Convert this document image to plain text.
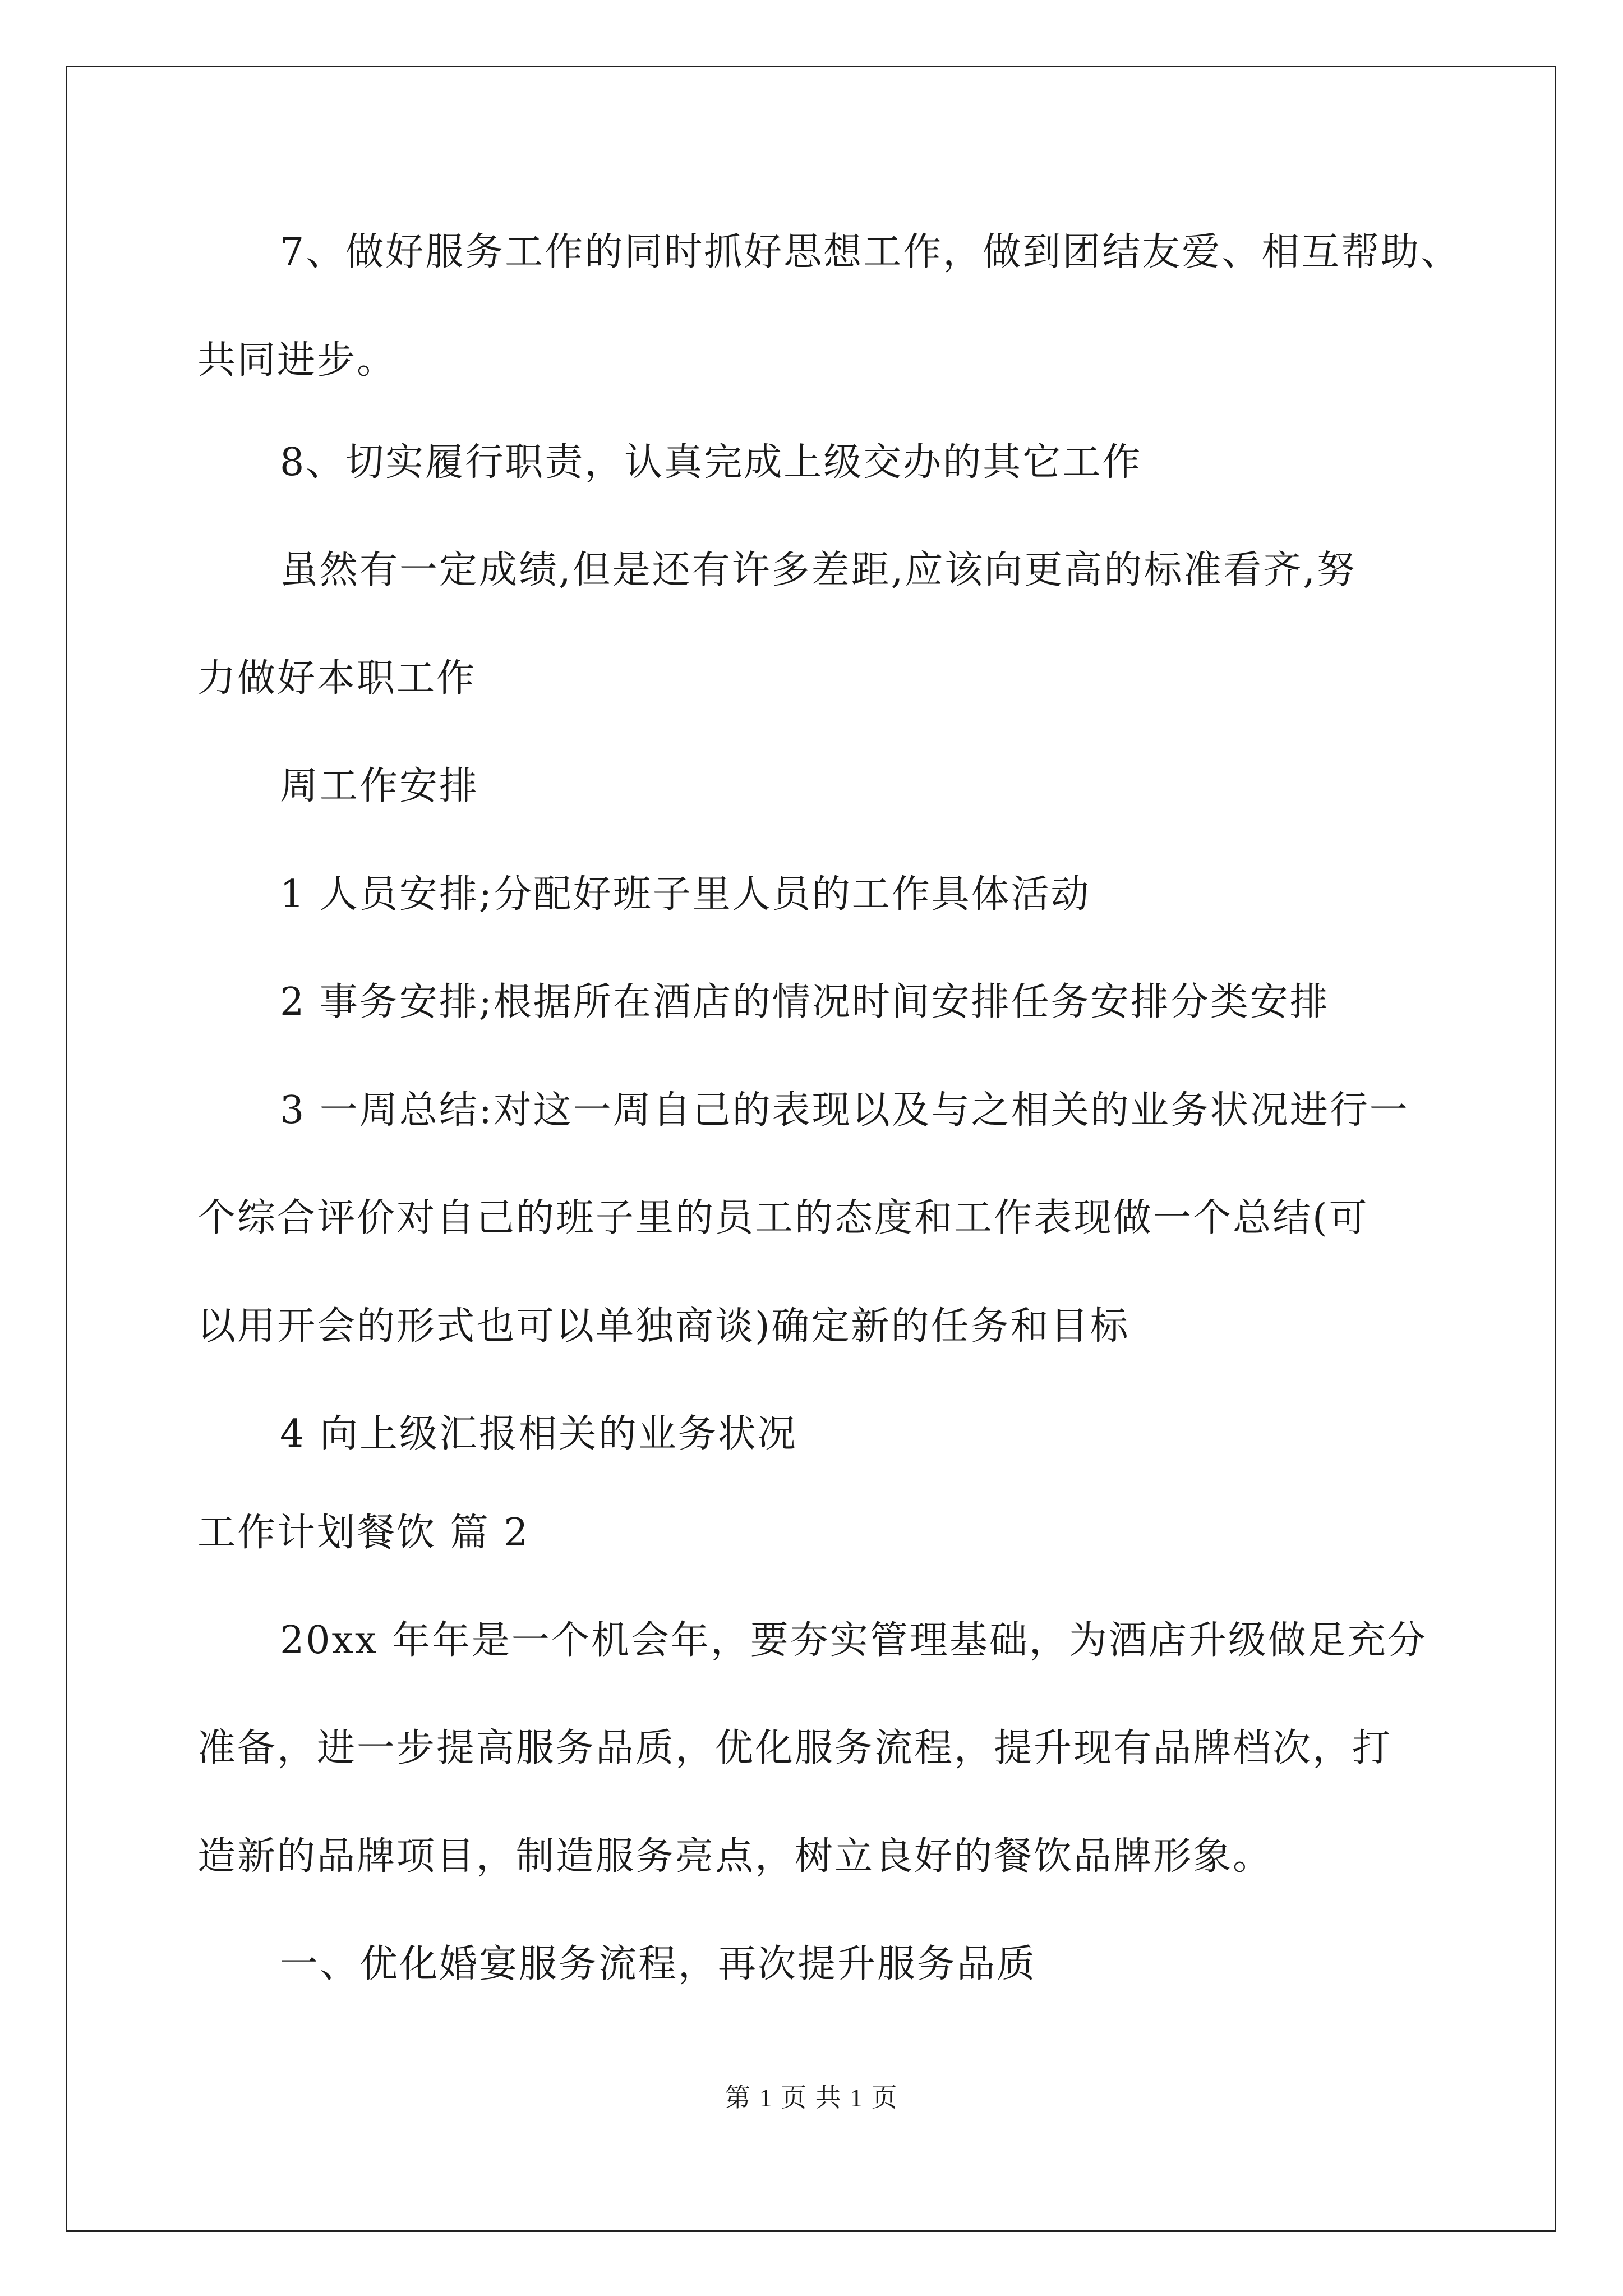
7、做好服务工作的同时抓好思想工作，做到团结友爱、相互帮助、
共同进步。
8、切实履行职责，认真完成上级交办的其它工作
虽然有一定成绩,但是还有许多差距,应该向更高的标准看齐,努
力做好本职工作
周工作安排
1 人员安排;分配好班子里人员的工作具体活动
2 事务安排;根据所在酒店的情况时间安排任务安排分类安排
3 一周总结:对这一周自己的表现以及与之相关的业务状况进行一
个综合评价对自己的班子里的员工的态度和工作表现做一个总结(可
以用开会的形式也可以单独商谈)确定新的任务和目标
4 向上级汇报相关的业务状况
工作计划餐饮 篇 2
20xx 年年是一个机会年，要夯实管理基础，为酒店升级做足充分
准备，进一步提高服务品质，优化服务流程，提升现有品牌档次，打
造新的品牌项目，制造服务亮点，树立良好的餐饮品牌形象。
一、优化婚宴服务流程，再次提升服务品质
第 1 页 共 1 页
